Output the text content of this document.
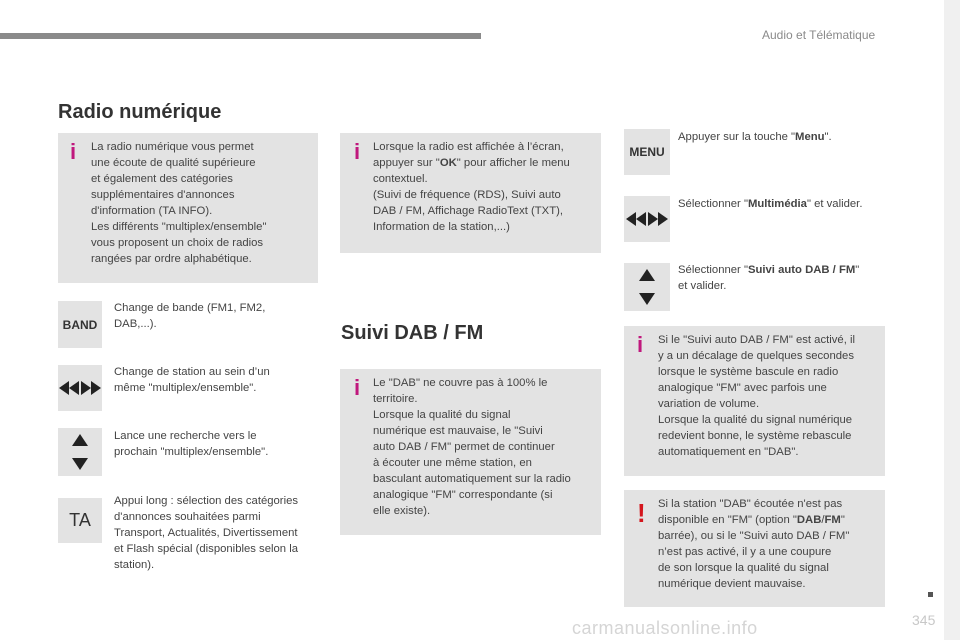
Audio et Télématique
Radio numérique
i La radio numérique vous permet
une écoute de qualité supérieure
et également des catégories
supplémentaires d'annonces
d'information (TA INFO).
Les différents "multiplex/ensemble"
vous proposent un choix de radios
rangées par ordre alphabétique.
BAND
Change de bande (FM1, FM2,
DAB,...).
Change de station au sein d’un
même "multiplex/ensemble".
Lance une recherche vers le
prochain "multiplex/ensemble".
TA
Appui long : sélection des catégories
d'annonces souhaitées parmi
Transport, Actualités, Divertissement
et Flash spécial (disponibles selon la
station).
i Lorsque la radio est affichée à l’écran,
appuyer sur "OK" pour afficher le menu
contextuel.
(Suivi de fréquence (RDS), Suivi auto
DAB / FM, Affichage RadioText (TXT),
Information de la station,...)
Suivi DAB / FM
i Le "DAB" ne couvre pas à 100% le
territoire.
Lorsque la qualité du signal
numérique est mauvaise, le "Suivi
auto DAB / FM" permet de continuer
à écouter une même station, en
basculant automatiquement sur la radio
analogique "FM" correspondante (si
elle existe).
MENU
Appuyer sur la touche "Menu".
Sélectionner "Multimédia" et valider.
Sélectionner "Suivi auto DAB / FM"
et valider.
i Si le "Suivi auto DAB / FM" est activé, il
y a un décalage de quelques secondes
lorsque le système bascule en radio
analogique "FM" avec parfois une
variation de volume.
Lorsque la qualité du signal numérique
redevient bonne, le système rebascule
automatiquement en "DAB".
! Si la station "DAB" écoutée n'est pas
disponible en "FM" (option "DAB/FM"
barrée), ou si le "Suivi auto DAB / FM"
n’est pas activé, il y a une coupure
de son lorsque la qualité du signal
numérique devient mauvaise.
carmanualsonline.info	345
